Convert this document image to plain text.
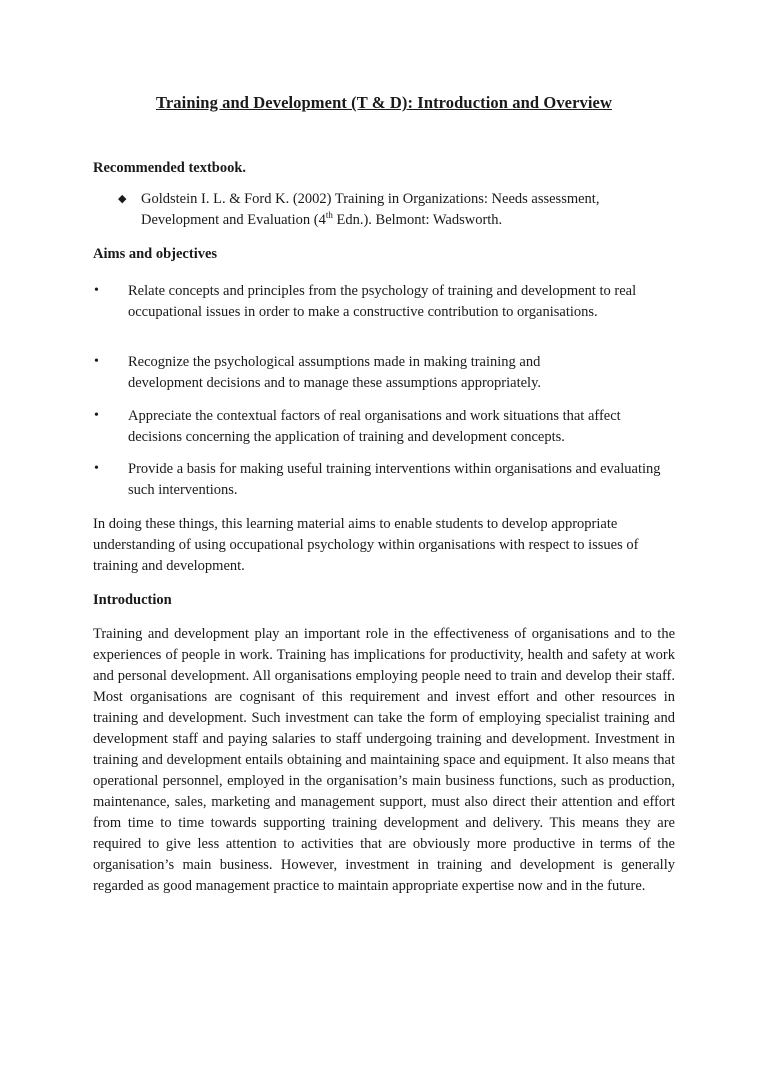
Training and Development (T & D): Introduction and Overview
Recommended textbook.
◆ Goldstein I. L. & Ford K. (2002) Training in Organizations: Needs assessment, Development and Evaluation (4th Edn.). Belmont: Wadsworth.
Aims and objectives
• Relate concepts and principles from the psychology of training and development to real occupational issues in order to make a constructive contribution to organisations.
• Recognize the psychological assumptions made in making training and development decisions and to manage these assumptions appropriately.
• Appreciate the contextual factors of real organisations and work situations that affect decisions concerning the application of training and development concepts.
• Provide a basis for making useful training interventions within organisations and evaluating such interventions.
In doing these things, this learning material aims to enable students to develop appropriate understanding of using occupational psychology within organisations with respect to issues of training and development.
Introduction
Training and development play an important role in the effectiveness of organisations and to the experiences of people in work. Training has implications for productivity, health and safety at work and personal development. All organisations employing people need to train and develop their staff. Most organisations are cognisant of this requirement and invest effort and other resources in training and development. Such investment can take the form of employing specialist training and development staff and paying salaries to staff undergoing training and development. Investment in training and development entails obtaining and maintaining space and equipment. It also means that operational personnel, employed in the organisation’s main business functions, such as production, maintenance, sales, marketing and management support, must also direct their attention and effort from time to time towards supporting training development and delivery. This means they are required to give less attention to activities that are obviously more productive in terms of the organisation’s main business. However, investment in training and development is generally regarded as good management practice to maintain appropriate expertise now and in the future.
